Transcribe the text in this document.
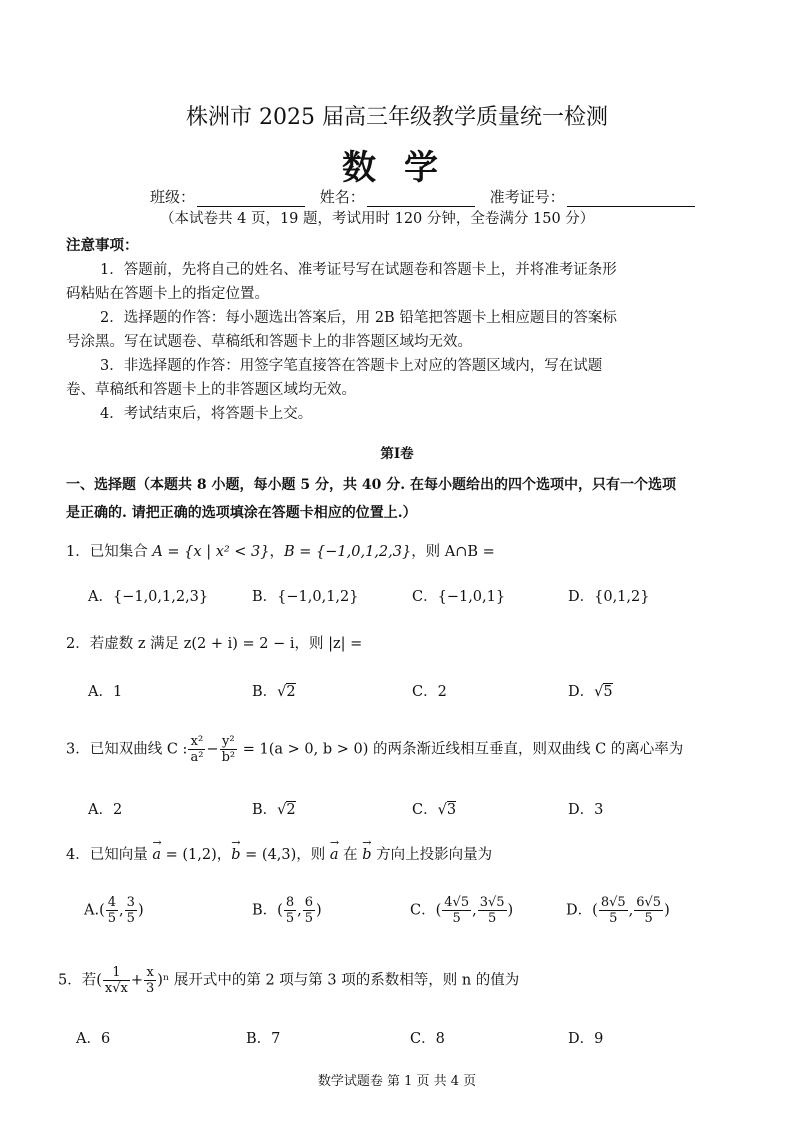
株洲市 2025 届高三年级教学质量统一检测
数学
班级：	姓名：	准考证号：
（本试卷共 4 页，19 题，考试用时 120 分钟，全卷满分 150 分）
注意事项：
1．答题前，先将自己的姓名、准考证号写在试题卷和答题卡上，并将准考证条形
码粘贴在答题卡上的指定位置。
2．选择题的作答：每小题选出答案后，用 2B 铅笔把答题卡上相应题目的答案标
号涂黑。写在试题卷、草稿纸和答题卡上的非答题区域均无效。
3．非选择题的作答：用签字笔直接答在答题卡上对应的答题区域内，写在试题
卷、草稿纸和答题卡上的非答题区域均无效。
4．考试结束后，将答题卡上交。
第Ⅰ卷
一、选择题（本题共 8 小题，每小题 5 分，共 40 分. 在每小题给出的四个选项中，只有一个选项
是正确的. 请把正确的选项填涂在答题卡相应的位置上.）
1．已知集合 A = {x | x² < 3}，B = {−1,0,1,2,3}，则 A∩B =
A．{−1,0,1,2,3}	B．{−1,0,1,2}	C．{−1,0,1}	D．{0,1,2}
2．若虚数 z 满足 z(2 + i) = 2 − i，则 |z| =
A．1	B．√2	C．2	D．√5
3．已知双曲线 C : $\frac{\text{x²}}{\text{a²}} - \frac{\text{y²}}{\text{b²}} = 1(a > 0$, b > 0) 的两条渐近线相互垂直，则双曲线 C 的离心率为
A．2	B．√2	C．√3	D．3
4．已知向量 → a = (1,2)，→ b = (4,3)，则 → a 在 → b 方向上投影向量为
$A.( \frac{4}{5}$ , $\frac{3}{5}$ )	B．( $\frac{8}{5}$ , $\frac{6}{5}$ )	C．( $\frac{4√5}{5}$ , $\frac{3√5}{5}$ )	D．( $\frac{8√5}{5}$ , $\frac{6√5}{5}$ )
5．若( $\frac{1}{x√x} + \frac{x}{3} )^n$ 展开式中的第 2 项与第 3 项的系数相等，则 n 的值为
A．6	B．7	C．8	D．9
数学试题卷 第 1 页 共 4 页
